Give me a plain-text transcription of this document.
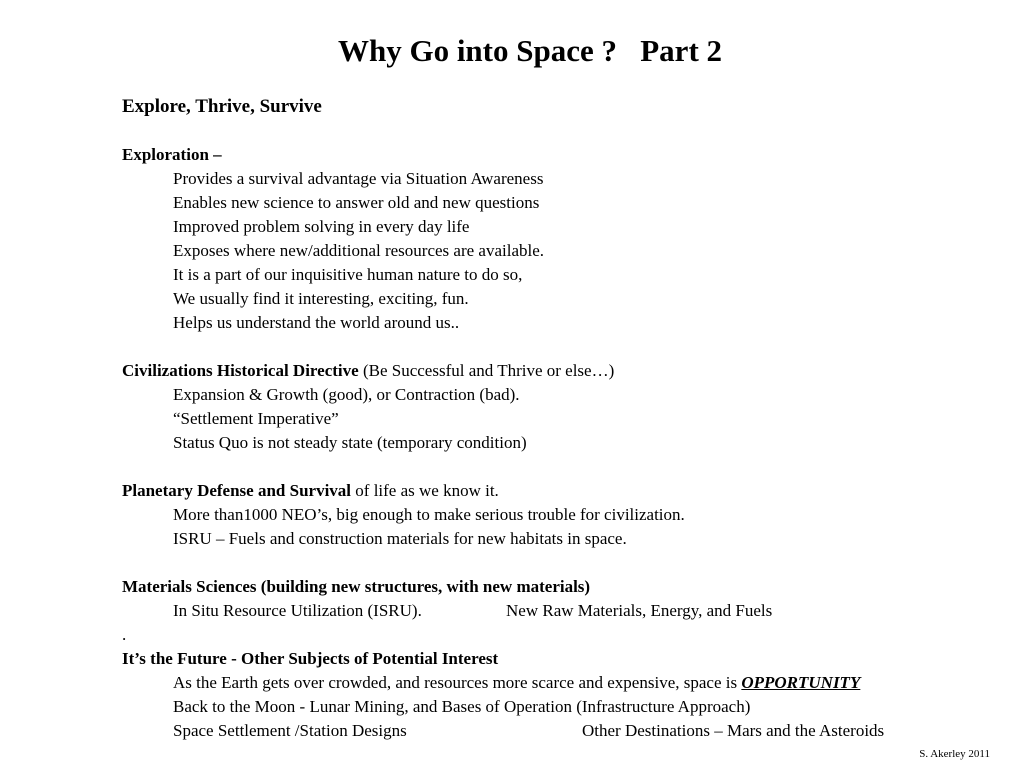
Why Go into Space ?   Part 2
Explore, Thrive, Survive
Exploration –
Provides a survival advantage via Situation Awareness
Enables new science to answer old and new questions
Improved problem solving in every day life
Exposes where new/additional resources are available.
It is a part of our inquisitive human nature to do so,
We usually find it interesting, exciting, fun.
Helps us understand the world around us..
Civilizations Historical Directive (Be Successful and Thrive or else…)
Expansion & Growth (good), or Contraction (bad).
“Settlement Imperative”
Status Quo is not steady state (temporary condition)
Planetary Defense and Survival of life as we know it.
More than1000 NEO’s, big enough to make serious trouble for civilization.
ISRU – Fuels and construction materials for new habitats in space.
Materials Sciences (building new structures, with new materials)
In Situ Resource Utilization (ISRU).	New Raw Materials, Energy, and Fuels
.
It’s the Future - Other Subjects of Potential Interest
As the Earth gets over crowded, and resources more scarce and expensive, space is OPPORTUNITY
Back to the Moon - Lunar Mining, and Bases of Operation (Infrastructure Approach)
Space Settlement /Station Designs	Other Destinations – Mars and the Asteroids
S. Akerley 2011
